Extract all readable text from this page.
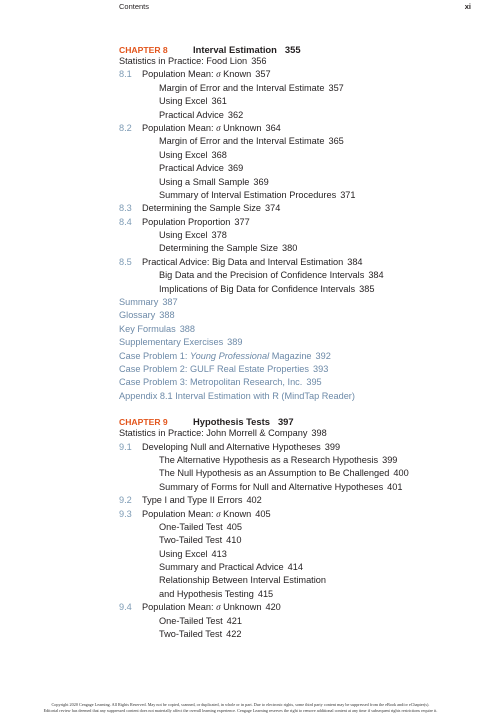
Contents	xi
CHAPTER 8	Interval Estimation 355
Statistics in Practice: Food Lion 356
8.1 Population Mean: σ Known 357
Margin of Error and the Interval Estimate 357
Using Excel 361
Practical Advice 362
8.2 Population Mean: σ Unknown 364
Margin of Error and the Interval Estimate 365
Using Excel 368
Practical Advice 369
Using a Small Sample 369
Summary of Interval Estimation Procedures 371
8.3 Determining the Sample Size 374
8.4 Population Proportion 377
Using Excel 378
Determining the Sample Size 380
8.5 Practical Advice: Big Data and Interval Estimation 384
Big Data and the Precision of Confidence Intervals 384
Implications of Big Data for Confidence Intervals 385
Summary 387
Glossary 388
Key Formulas 388
Supplementary Exercises 389
Case Problem 1: Young Professional Magazine 392
Case Problem 2: GULF Real Estate Properties 393
Case Problem 3: Metropolitan Research, Inc. 395
Appendix 8.1 Interval Estimation with R (MindTap Reader)
CHAPTER 9	Hypothesis Tests 397
Statistics in Practice: John Morrell & Company 398
9.1 Developing Null and Alternative Hypotheses 399
The Alternative Hypothesis as a Research Hypothesis 399
The Null Hypothesis as an Assumption to Be Challenged 400
Summary of Forms for Null and Alternative Hypotheses 401
9.2 Type I and Type II Errors 402
9.3 Population Mean: σ Known 405
One-Tailed Test 405
Two-Tailed Test 410
Using Excel 413
Summary and Practical Advice 414
Relationship Between Interval Estimation
and Hypothesis Testing 415
9.4 Population Mean: σ Unknown 420
One-Tailed Test 421
Two-Tailed Test 422
Copyright 2020 Cengage Learning. All Rights Reserved. May not be copied, scanned, or duplicated, in whole or in part. Due to electronic rights, some third party content may be suppressed from the eBook and/or eChapter(s).
Editorial review has deemed that any suppressed content does not materially affect the overall learning experience. Cengage Learning reserves the right to remove additional content at any time if subsequent rights restrictions require it.
